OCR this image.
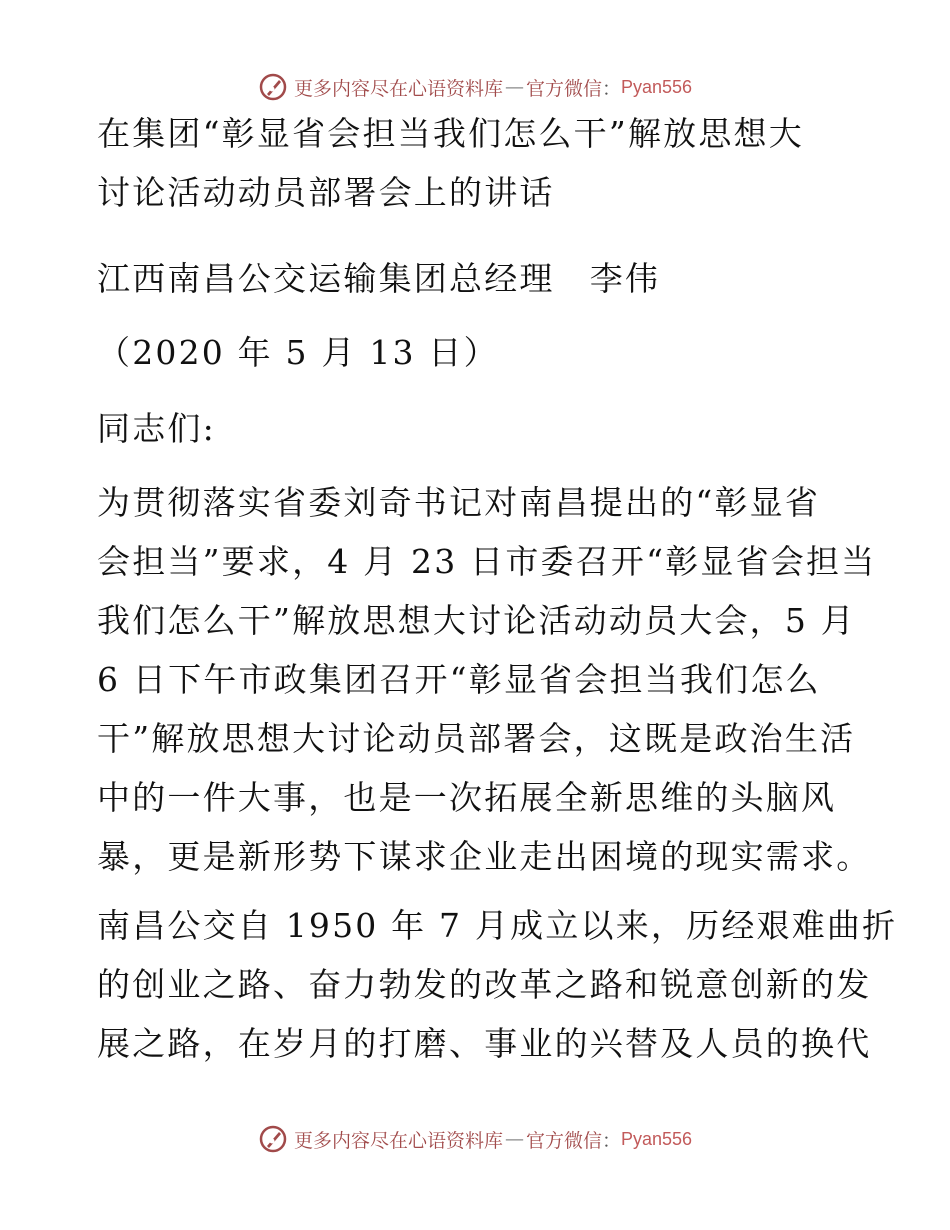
更多内容尽在心语资料库 — 官方微信 ： Pyan556
在集团“彰显省会担当我们怎么干”解放思想大
讨论活动动员部署会上的讲话
江西南昌公交运输集团总经理　李伟
（2020 年 5 月 13 日）
同志们:
为贯彻落实省委刘奇书记对南昌提出的“彰显省
会担当”要求，4 月 23 日市委召开“彰显省会担当
我们怎么干”解放思想大讨论活动动员大会，5 月
6 日下午市政集团召开“彰显省会担当我们怎么
干”解放思想大讨论动员部署会，这既是政治生活
中的一件大事，也是一次拓展全新思维的头脑风
暴，更是新形势下谋求企业走出困境的现实需求。
南昌公交自 1950 年 7 月成立以来，历经艰难曲折
的创业之路、奋力勃发的改革之路和锐意创新的发
展之路，在岁月的打磨、事业的兴替及人员的换代
更多内容尽在心语资料库 — 官方微信 ： Pyan556
